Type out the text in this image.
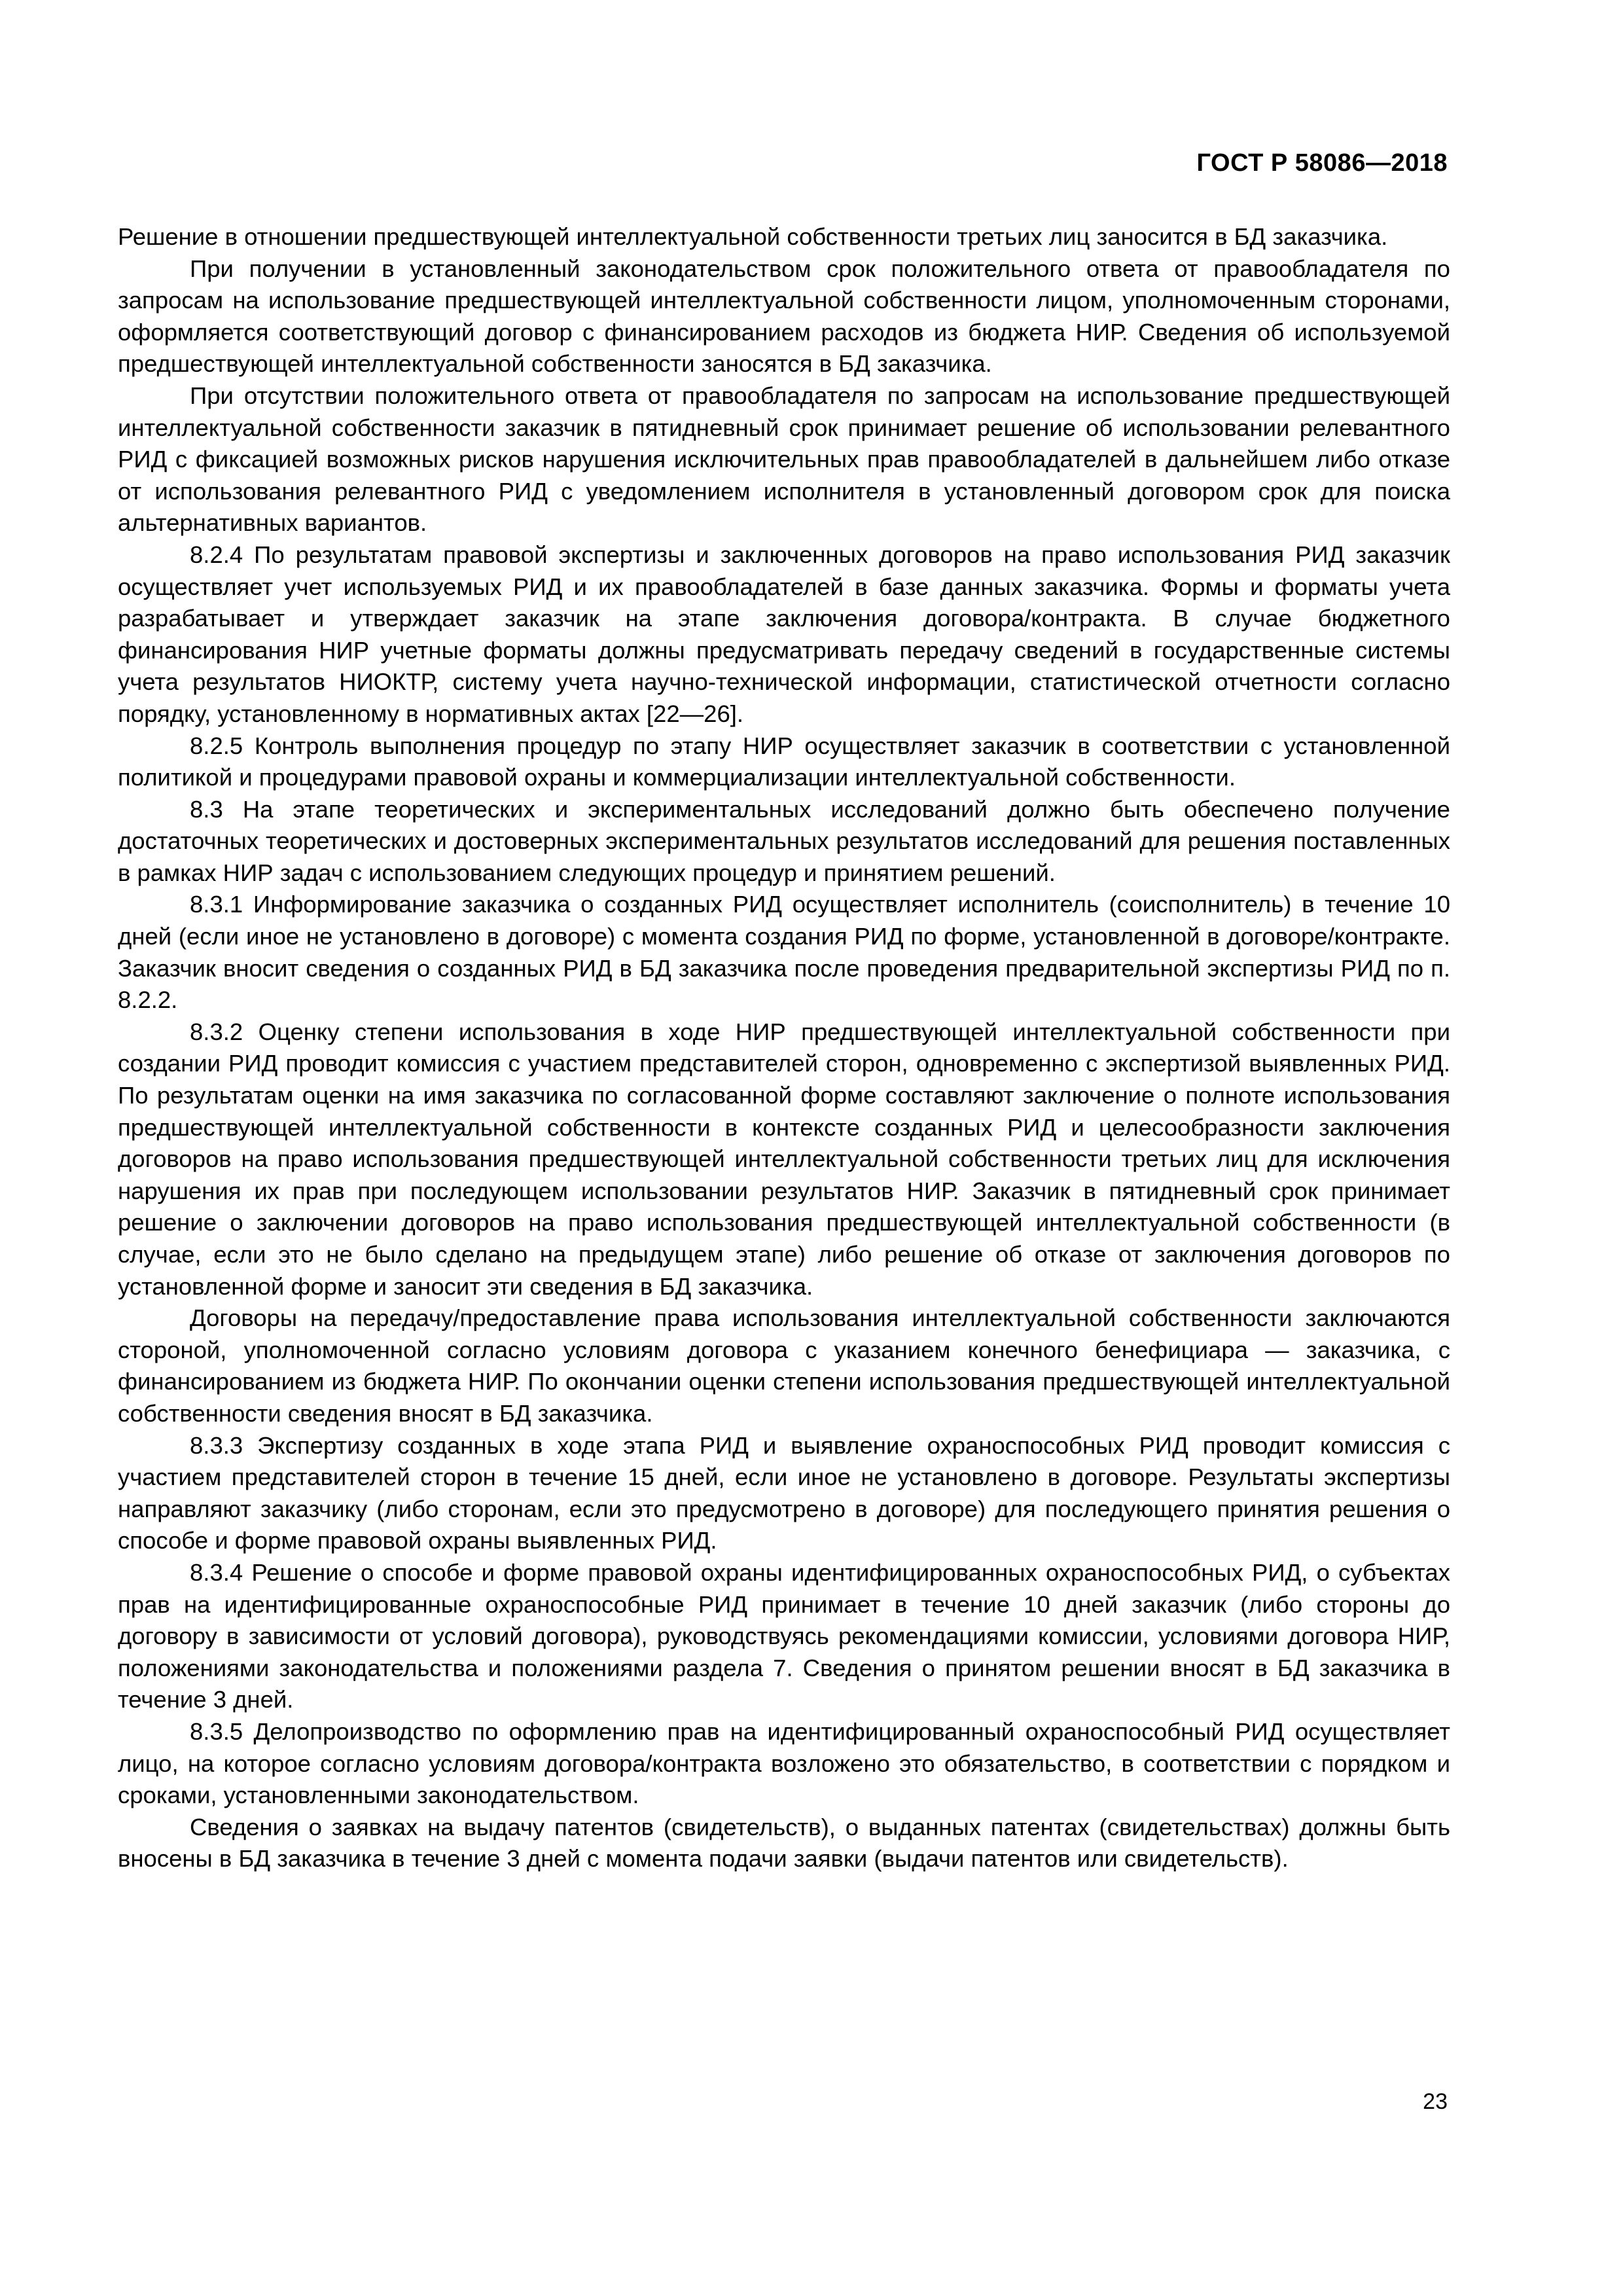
ГОСТ Р 58086—2018

Решение в отношении предшествующей интеллектуальной собственности третьих лиц заносится в БД заказчика.

При получении в установленный законодательством срок положительного ответа от правообладателя по запросам на использование предшествующей интеллектуальной собственности лицом, уполномоченным сторонами, оформляется соответствующий договор с финансированием расходов из бюджета НИР. Сведения об используемой предшествующей интеллектуальной собственности заносятся в БД заказчика.

При отсутствии положительного ответа от правообладателя по запросам на использование предшествующей интеллектуальной собственности заказчик в пятидневный срок принимает решение об использовании релевантного РИД с фиксацией возможных рисков нарушения исключительных прав правообладателей в дальнейшем либо отказе от использования релевантного РИД с уведомлением исполнителя в установленный договором срок для поиска альтернативных вариантов.

8.2.4 По результатам правовой экспертизы и заключенных договоров на право использования РИД заказчик осуществляет учет используемых РИД и их правообладателей в базе данных заказчика. Формы и форматы учета разрабатывает и утверждает заказчик на этапе заключения договора/контракта. В случае бюджетного финансирования НИР учетные форматы должны предусматривать передачу сведений в государственные системы учета результатов НИОКТР, систему учета научно-технической информации, статистической отчетности согласно порядку, установленному в нормативных актах [22—26].

8.2.5 Контроль выполнения процедур по этапу НИР осуществляет заказчик в соответствии с установленной политикой и процедурами правовой охраны и коммерциализации интеллектуальной собственности.

8.3 На этапе теоретических и экспериментальных исследований должно быть обеспечено получение достаточных теоретических и достоверных экспериментальных результатов исследований для решения поставленных в рамках НИР задач с использованием следующих процедур и принятием решений.

8.3.1 Информирование заказчика о созданных РИД осуществляет исполнитель (соисполнитель) в течение 10 дней (если иное не установлено в договоре) с момента создания РИД по форме, установленной в договоре/контракте. Заказчик вносит сведения о созданных РИД в БД заказчика после проведения предварительной экспертизы РИД по п. 8.2.2.

8.3.2 Оценку степени использования в ходе НИР предшествующей интеллектуальной собственности при создании РИД проводит комиссия с участием представителей сторон, одновременно с экспертизой выявленных РИД. По результатам оценки на имя заказчика по согласованной форме составляют заключение о полноте использования предшествующей интеллектуальной собственности в контексте созданных РИД и целесообразности заключения договоров на право использования предшествующей интеллектуальной собственности третьих лиц для исключения нарушения их прав при последующем использовании результатов НИР. Заказчик в пятидневный срок принимает решение о заключении договоров на право использования предшествующей интеллектуальной собственности (в случае, если это не было сделано на предыдущем этапе) либо решение об отказе от заключения договоров по установленной форме и заносит эти сведения в БД заказчика.

Договоры на передачу/предоставление права использования интеллектуальной собственности заключаются стороной, уполномоченной согласно условиям договора с указанием конечного бенефициара — заказчика, с финансированием из бюджета НИР. По окончании оценки степени использования предшествующей интеллектуальной собственности сведения вносят в БД заказчика.

8.3.3 Экспертизу созданных в ходе этапа РИД и выявление охраноспособных РИД проводит комиссия с участием представителей сторон в течение 15 дней, если иное не установлено в договоре. Результаты экспертизы направляют заказчику (либо сторонам, если это предусмотрено в договоре) для последующего принятия решения о способе и форме правовой охраны выявленных РИД.

8.3.4 Решение о способе и форме правовой охраны идентифицированных охраноспособных РИД, о субъектах прав на идентифицированные охраноспособные РИД принимает в течение 10 дней заказчик (либо стороны до договору в зависимости от условий договора), руководствуясь рекомендациями комиссии, условиями договора НИР, положениями законодательства и положениями раздела 7. Сведения о принятом решении вносят в БД заказчика в течение 3 дней.

8.3.5 Делопроизводство по оформлению прав на идентифицированный охраноспособный РИД осуществляет лицо, на которое согласно условиям договора/контракта возложено это обязательство, в соответствии с порядком и сроками, установленными законодательством.

Сведения о заявках на выдачу патентов (свидетельств), о выданных патентах (свидетельствах) должны быть вносены в БД заказчика в течение 3 дней с момента подачи заявки (выдачи патентов или свидетельств).

23
